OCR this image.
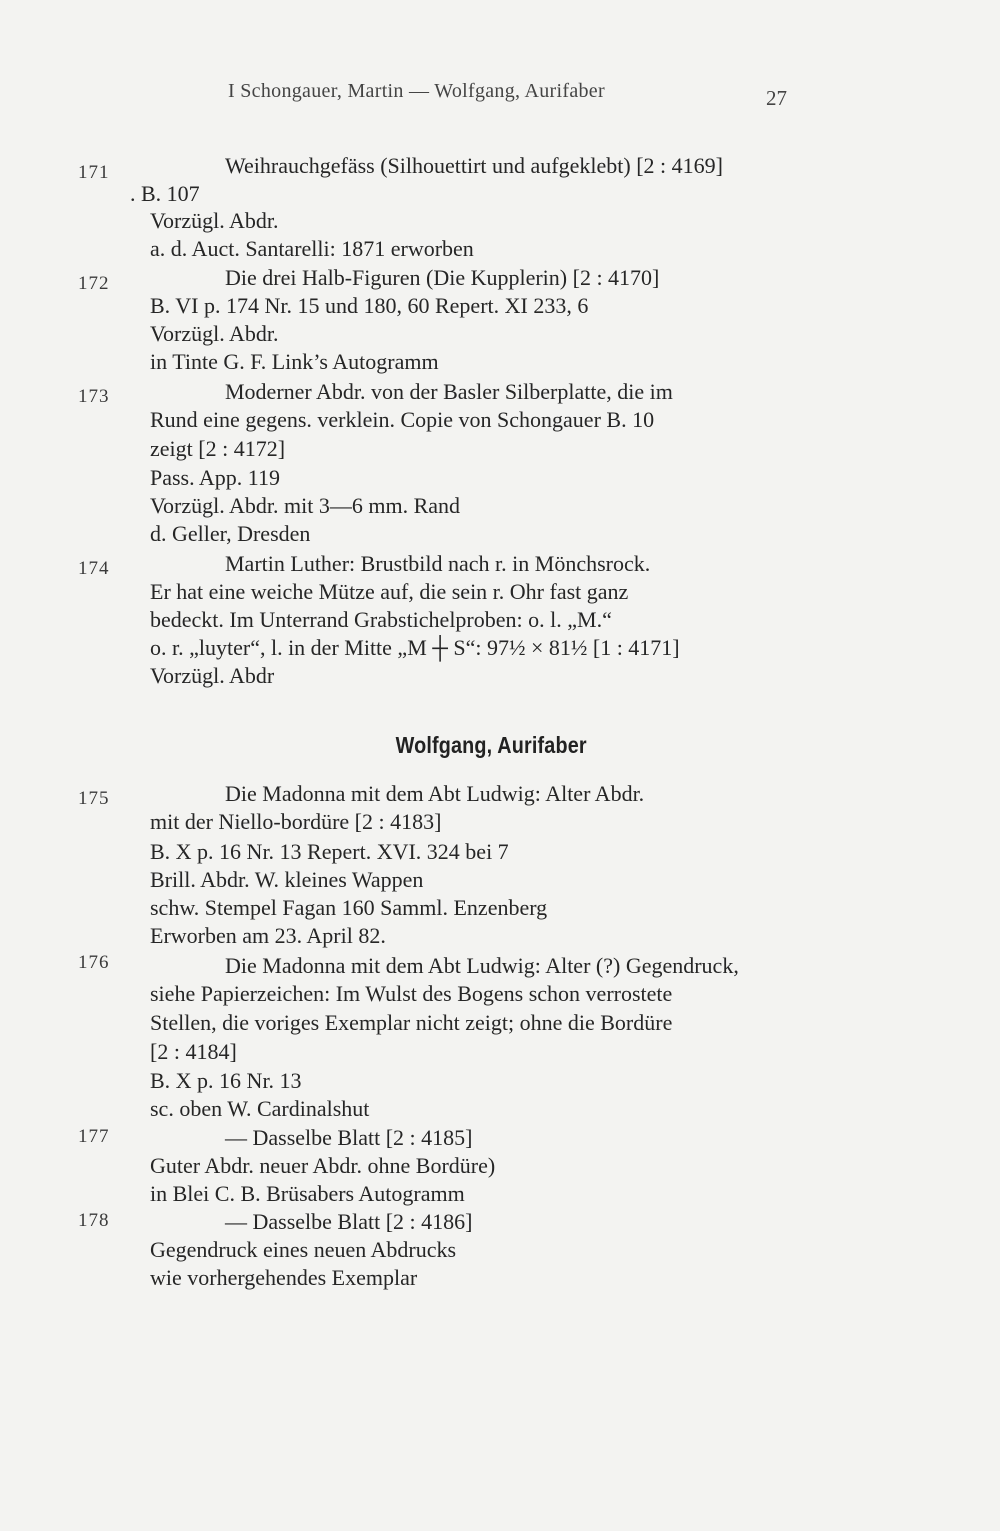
I Schongauer, Martin — Wolfgang, Aurifaber	27
171	Weihrauchgefäss (Silhouettirt und aufgeklebt) [2 : 4169]
. B. 107
Vorzügl. Abdr.
a. d. Auct. Santarelli: 1871 erworben
172	Die drei Halb-Figuren (Die Kupplerin) [2 : 4170]
B. VI p. 174 Nr. 15 und 180, 60 Repert. XI 233, 6
Vorzügl. Abdr.
in Tinte G. F. Link’s Autogramm
173	Moderner Abdr. von der Basler Silberplatte, die im
Rund eine gegens. verklein. Copie von Schongauer B. 10
zeigt [2 : 4172]
Pass. App. 119
Vorzügl. Abdr. mit 3—6 mm. Rand
d. Geller, Dresden
174	Martin Luther: Brustbild nach r. in Mönchsrock.
Er hat eine weiche Mütze auf, die sein r. Ohr fast ganz
bedeckt. Im Unterrand Grabstichelproben: o. l. „M.“
o. r. „luyter“, l. in der Mitte „M ┼ S“: 97½ × 81½ [1 : 4171]
Vorzügl. Abdr
Wolfgang, Aurifaber
175	Die Madonna mit dem Abt Ludwig: Alter Abdr.
mit der Niello-bordüre [2 : 4183]
B. X p. 16 Nr. 13 Repert. XVI. 324 bei 7
Brill. Abdr. W. kleines Wappen
schw. Stempel Fagan 160 Samml. Enzenberg
Erworben am 23. April 82.
176	Die Madonna mit dem Abt Ludwig: Alter (?) Gegendruck,
siehe Papierzeichen: Im Wulst des Bogens schon verrostete
Stellen, die voriges Exemplar nicht zeigt; ohne die Bordüre
[2 : 4184]
B. X p. 16 Nr. 13
sc. oben W. Cardinalshut
177	— Dasselbe Blatt [2 : 4185]
Guter Abdr. neuer Abdr. ohne Bordüre)
in Blei C. B. Brüsabers Autogramm
178	— Dasselbe Blatt [2 : 4186]
Gegendruck eines neuen Abdrucks
wie vorhergehendes Exemplar
